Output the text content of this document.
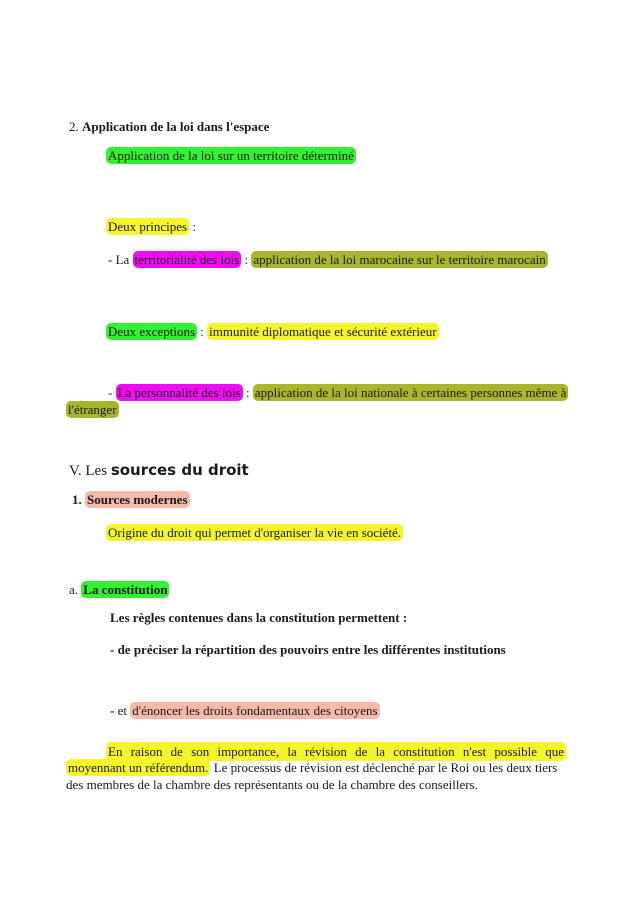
2. Application de la loi dans l'espace
Application de la loi sur un territoire déterminé
Deux principes :
- La territorialité des lois : application de la loi marocaine sur le territoire marocain
Deux exceptions : immunité diplomatique et sécurité extérieur
- La personnalité des lois : application de la loi nationale à certaines personnes même à
l'étranger
V. Les sources du droit
1. Sources modernes
Origine du droit qui permet d'organiser la vie en société.
a. La constitution
Les règles contenues dans la constitution permettent :
- de préciser la répartition des pouvoirs entre les différentes institutions
- et d'énoncer les droits fondamentaux des citoyens
En raison de son importance, la révision de la constitution n'est possible que
moyennant un référendum. Le processus de révision est déclenché par le Roi ou les deux tiers
des membres de la chambre des représentants ou de la chambre des conseillers.
